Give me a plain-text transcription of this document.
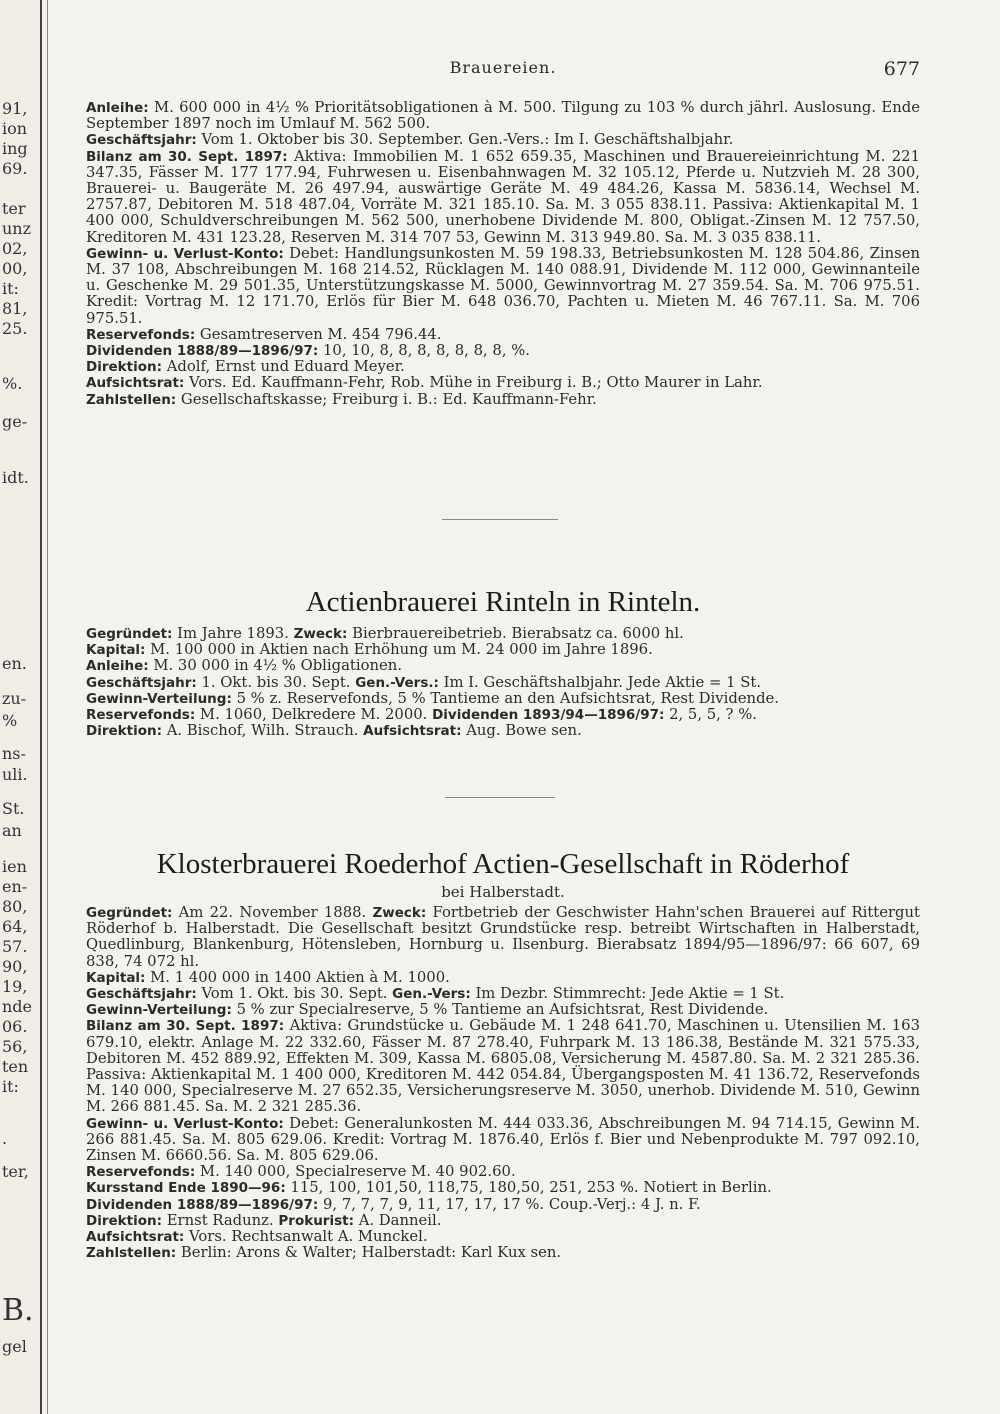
91,
ion
ing
69.
ter
unz
02,
00,
it:
81,
25.
%.
ge-
idt.
en.
zu-
%
ns-
uli.
St.
an
ien
en-
80,
64,
57.
90,
19,
nde
06.
56,
ten
it:
.
ter,
B.
gel
Brauereien.	677

Anleihe: M. 600 000 in 4½ % Prioritätsobligationen à M. 500. Tilgung zu 103 % durch jährl. Auslosung. Ende September 1897 noch im Umlauf M. 562 500.

Geschäftsjahr: Vom 1. Oktober bis 30. September. Gen.-Vers.: Im I. Geschäftshalbjahr.

Bilanz am 30. Sept. 1897: Aktiva: Immobilien M. 1 652 659.35, Maschinen und Brauereieinrichtung M. 221 347.35, Fässer M. 177 177.94, Fuhrwesen u. Eisenbahnwagen M. 32 105.12, Pferde u. Nutzvieh M. 28 300, Brauerei- u. Baugeräte M. 26 497.94, auswärtige Geräte M. 49 484.26, Kassa M. 5836.14, Wechsel M. 2757.87, Debitoren M. 518 487.04, Vorräte M. 321 185.10. Sa. M. 3 055 838.11. Passiva: Aktienkapital M. 1 400 000, Schuldverschreibungen M. 562 500, unerhobene Dividende M. 800, Obligat.-Zinsen M. 12 757.50, Kreditoren M. 431 123.28, Reserven M. 314 707 53, Gewinn M. 313 949.80. Sa. M. 3 035 838.11.

Gewinn- u. Verlust-Konto: Debet: Handlungsunkosten M. 59 198.33, Betriebsunkosten M. 128 504.86, Zinsen M. 37 108, Abschreibungen M. 168 214.52, Rücklagen M. 140 088.91, Dividende M. 112 000, Gewinnanteile u. Geschenke M. 29 501.35, Unterstützungskasse M. 5000, Gewinnvortrag M. 27 359.54. Sa. M. 706 975.51. Kredit: Vortrag M. 12 171.70, Erlös für Bier M. 648 036.70, Pachten u. Mieten M. 46 767.11. Sa. M. 706 975.51.

Reservefonds: Gesamtreserven M. 454 796.44.

Dividenden 1888/89—1896/97: 10, 10, 8, 8, 8, 8, 8, 8, 8, %.

Direktion: Adolf, Ernst und Eduard Meyer.

Aufsichtsrat: Vors. Ed. Kauffmann-Fehr, Rob. Mühe in Freiburg i. B.; Otto Maurer in Lahr.

Zahlstellen: Gesellschaftskasse; Freiburg i. B.: Ed. Kauffmann-Fehr.

Actienbrauerei Rinteln in Rinteln.

Gegründet: Im Jahre 1893. Zweck: Bierbrauereibetrieb. Bierabsatz ca. 6000 hl.

Kapital: M. 100 000 in Aktien nach Erhöhung um M. 24 000 im Jahre 1896.

Anleihe: M. 30 000 in 4½ % Obligationen.

Geschäftsjahr: 1. Okt. bis 30. Sept. Gen.-Vers.: Im I. Geschäftshalbjahr. Jede Aktie = 1 St.

Gewinn-Verteilung: 5 % z. Reservefonds, 5 % Tantieme an den Aufsichtsrat, Rest Dividende.

Reservefonds: M. 1060, Delkredere M. 2000. Dividenden 1893/94—1896/97: 2, 5, 5, ? %.

Direktion: A. Bischof, Wilh. Strauch. Aufsichtsrat: Aug. Bowe sen.

Klosterbrauerei Roederhof Actien-Gesellschaft in Röderhof
bei Halberstadt.

Gegründet: Am 22. November 1888. Zweck: Fortbetrieb der Geschwister Hahn'schen Brauerei auf Rittergut Röderhof b. Halberstadt. Die Gesellschaft besitzt Grundstücke resp. betreibt Wirtschaften in Halberstadt, Quedlinburg, Blankenburg, Hötensleben, Hornburg u. Ilsenburg. Bierabsatz 1894/95—1896/97: 66 607, 69 838, 74 072 hl.

Kapital: M. 1 400 000 in 1400 Aktien à M. 1000.

Geschäftsjahr: Vom 1. Okt. bis 30. Sept. Gen.-Vers: Im Dezbr. Stimmrecht: Jede Aktie = 1 St.

Gewinn-Verteilung: 5 % zur Specialreserve, 5 % Tantieme an Aufsichtsrat, Rest Dividende.

Bilanz am 30. Sept. 1897: Aktiva: Grundstücke u. Gebäude M. 1 248 641.70, Maschinen u. Utensilien M. 163 679.10, elektr. Anlage M. 22 332.60, Fässer M. 87 278.40, Fuhrpark M. 13 186.38, Bestände M. 321 575.33, Debitoren M. 452 889.92, Effekten M. 309, Kassa M. 6805.08, Versicherung M. 4587.80. Sa. M. 2 321 285.36. Passiva: Aktienkapital M. 1 400 000, Kreditoren M. 442 054.84, Übergangsposten M. 41 136.72, Reservefonds M. 140 000, Specialreserve M. 27 652.35, Versicherungsreserve M. 3050, unerhob. Dividende M. 510, Gewinn M. 266 881.45. Sa. M. 2 321 285.36.

Gewinn- u. Verlust-Konto: Debet: Generalunkosten M. 444 033.36, Abschreibungen M. 94 714.15, Gewinn M. 266 881.45. Sa. M. 805 629.06. Kredit: Vortrag M. 1876.40, Erlös f. Bier und Nebenprodukte M. 797 092.10, Zinsen M. 6660.56. Sa. M. 805 629.06.

Reservefonds: M. 140 000, Specialreserve M. 40 902.60.

Kursstand Ende 1890—96: 115, 100, 101,50, 118,75, 180,50, 251, 253 %. Notiert in Berlin.

Dividenden 1888/89—1896/97: 9, 7, 7, 7, 9, 11, 17, 17, 17 %. Coup.-Verj.: 4 J. n. F.

Direktion: Ernst Radunz. Prokurist: A. Danneil.

Aufsichtsrat: Vors. Rechtsanwalt A. Munckel.

Zahlstellen: Berlin: Arons & Walter; Halberstadt: Karl Kux sen.
